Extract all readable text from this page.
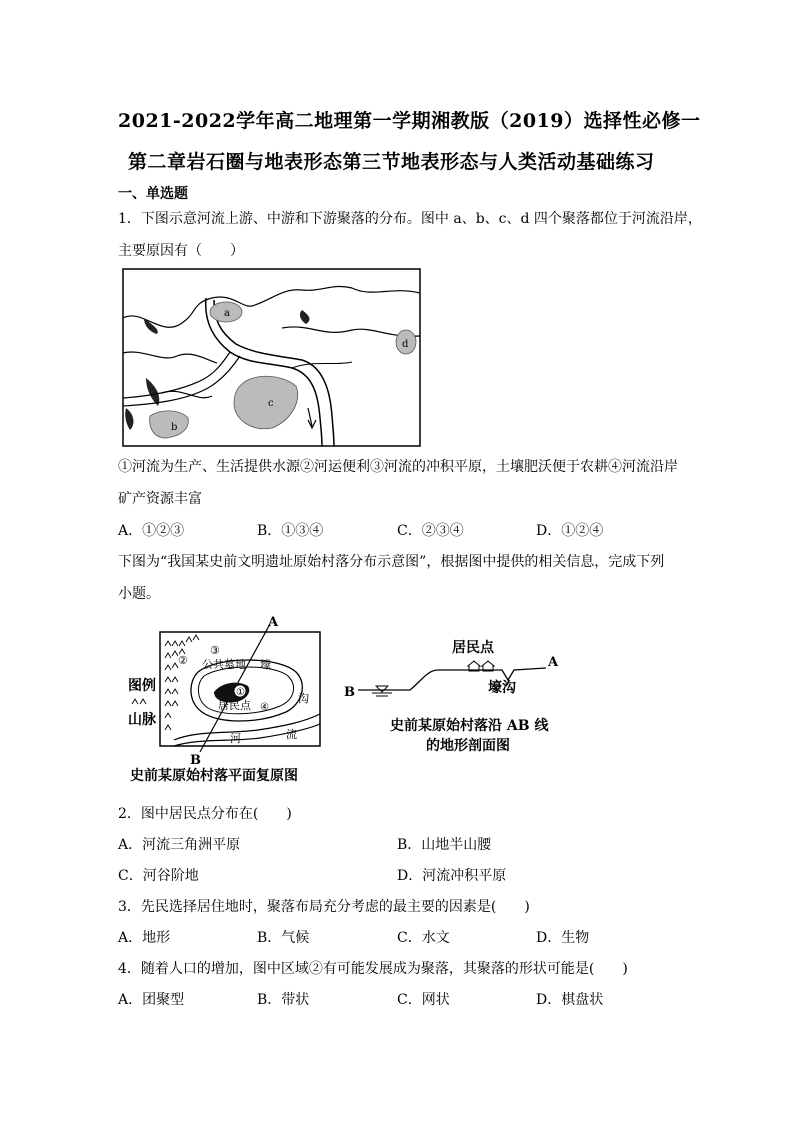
2021-2022学年高二地理第一学期湘教版（2019）选择性必修一
第二章岩石圈与地表形态第三节地表形态与人类活动基础练习
一、单选题
1．下图示意河流上游、中游和下游聚落的分布。图中 a、b、c、d 四个聚落都位于河流沿岸，
主要原因有（　　）
a
b
c
d
①河流为生产、生活提供水源②河运便利③河流的冲积平原，土壤肥沃便于农耕④河流沿岸
矿产资源丰富
A．①②③	B．①③④	C．②③④	D．①②④
下图为“我国某史前文明遗址原始村落分布示意图”，根据图中提供的相关信息，完成下列
小题。
A
B
①
居民点 ④
②
③
公共墓地 壕
沟
河	流
图例
山脉
史前某原始村落平面复原图
居民点
壕沟
A
B
史前某原始村落沿 AB 线
的地形剖面图
2．图中居民点分布在(　　)
A．河流三角洲平原	B．山地半山腰
C．河谷阶地	D．河流冲积平原
3．先民选择居住地时，聚落布局充分考虑的最主要的因素是(　　)
A．地形	B．气候	C．水文	D．生物
4．随着人口的增加，图中区域②有可能发展成为聚落，其聚落的形状可能是(　　)
A．团聚型	B．带状	C．网状	D．棋盘状
